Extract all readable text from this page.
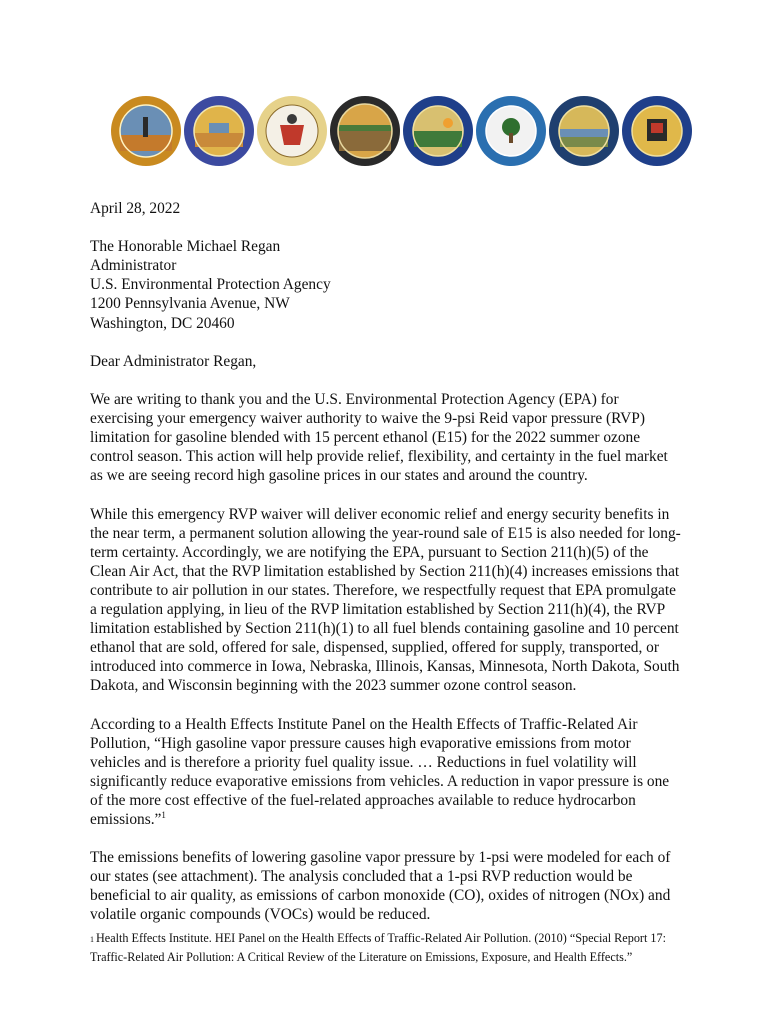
April 28, 2022

The Honorable Michael Regan

Administrator

U.S. Environmental Protection Agency

1200 Pennsylvania Avenue, NW

Washington, DC 20460

Dear Administrator Regan,

We are writing to thank you and the U.S. Environmental Protection Agency (EPA) for exercising your emergency waiver authority to waive the 9-psi Reid vapor pressure (RVP) limitation for gasoline blended with 15 percent ethanol (E15) for the 2022 summer ozone control season. This action will help provide relief, flexibility, and certainty in the fuel market as we are seeing record high gasoline prices in our states and around the country.

While this emergency RVP waiver will deliver economic relief and energy security benefits in the near term, a permanent solution allowing the year-round sale of E15 is also needed for long-term certainty. Accordingly, we are notifying the EPA, pursuant to Section 211(h)(5) of the Clean Air Act, that the RVP limitation established by Section 211(h)(4) increases emissions that contribute to air pollution in our states. Therefore, we respectfully request that EPA promulgate a regulation applying, in lieu of the RVP limitation established by Section 211(h)(4), the RVP limitation established by Section 211(h)(1) to all fuel blends containing gasoline and 10 percent ethanol that are sold, offered for sale, dispensed, supplied, offered for supply, transported, or introduced into commerce in Iowa, Nebraska, Illinois, Kansas, Minnesota, North Dakota, South Dakota, and Wisconsin beginning with the 2023 summer ozone control season.

According to a Health Effects Institute Panel on the Health Effects of Traffic-Related Air Pollution, “High gasoline vapor pressure causes high evaporative emissions from motor vehicles and is therefore a priority fuel quality issue. … Reductions in fuel volatility will significantly reduce evaporative emissions from vehicles. A reduction in vapor pressure is one of the more cost effective of the fuel-related approaches available to reduce hydrocarbon emissions.”$^1$

The emissions benefits of lowering gasoline vapor pressure by 1-psi were modeled for each of our states (see attachment). The analysis concluded that a 1-psi RVP reduction would be beneficial to air quality, as emissions of carbon monoxide (CO), oxides of nitrogen (NOx) and volatile organic compounds (VOCs) would be reduced.

1 Health Effects Institute. HEI Panel on the Health Effects of Traffic-Related Air Pollution. (2010) “Special Report 17: Traffic-Related Air Pollution: A Critical Review of the Literature on Emissions, Exposure, and Health Effects.”
